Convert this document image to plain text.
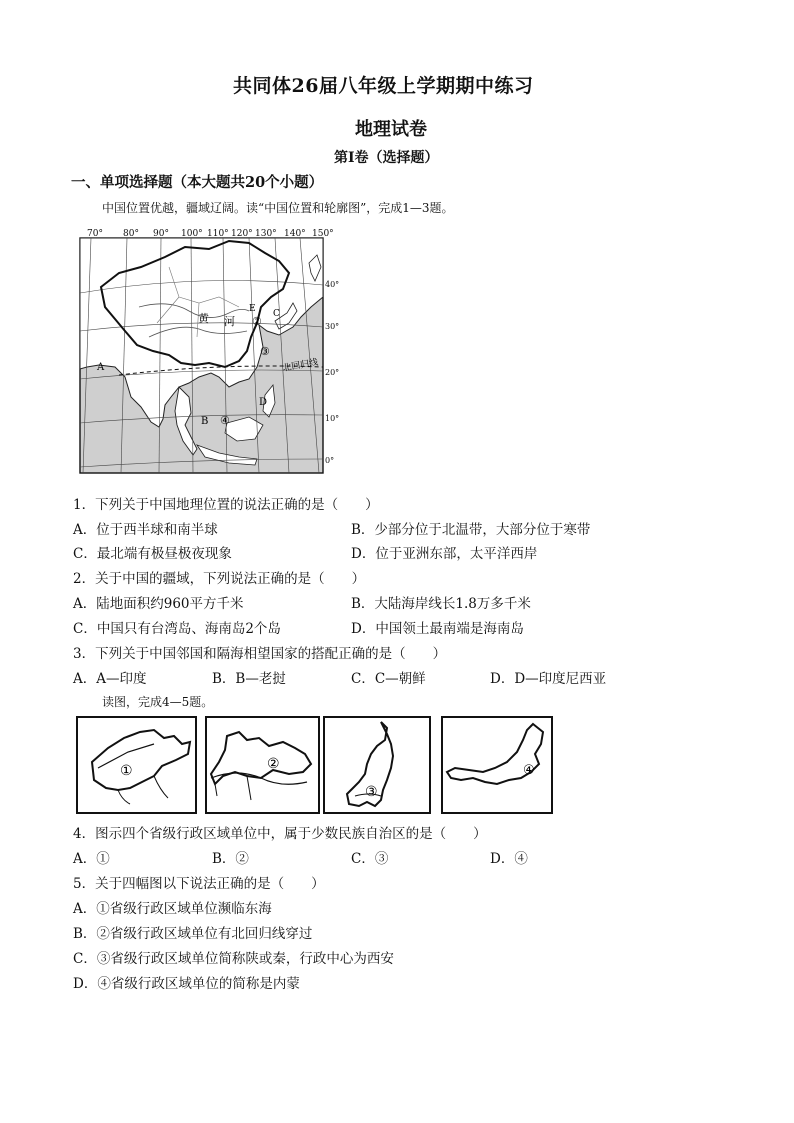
共同体26届八年级上学期期中练习
地理试卷
第Ⅰ卷（选择题）
一、单项选择题（本大题共20个小题）
中国位置优越，疆域辽阔。读“中国位置和轮廓图”，完成1—3题。
70° 80° 90° 100° 110° 120° 130° 140° 150°
40°
30°
20°
10°
0°
黄 河
北回归线
A
B
C
D
E
②
③
④
1．下列关于中国地理位置的说法正确的是（　　）
A．位于西半球和南半球	B．少部分位于北温带，大部分位于寒带
C．最北端有极昼极夜现象	D．位于亚洲东部，太平洋西岸
2．关于中国的疆域，下列说法正确的是（　　）
A．陆地面积约960平方千米	B．大陆海岸线长1.8万多千米
C．中国只有台湾岛、海南岛2个岛	D．中国领土最南端是海南岛
3．下列关于中国邻国和隔海相望国家的搭配正确的是（　　）
A．A—印度	B．B—老挝	C．C—朝鲜	D．D—印度尼西亚
读图，完成4—5题。
①	②
③
④
4．图示四个省级行政区域单位中，属于少数民族自治区的是（　　）
A．①	B．②	C．③	D．④
5．关于四幅图以下说法正确的是（　　）
A．①省级行政区域单位濒临东海
B．②省级行政区域单位有北回归线穿过
C．③省级行政区域单位简称陕或秦，行政中心为西安
D．④省级行政区域单位的简称是内蒙
